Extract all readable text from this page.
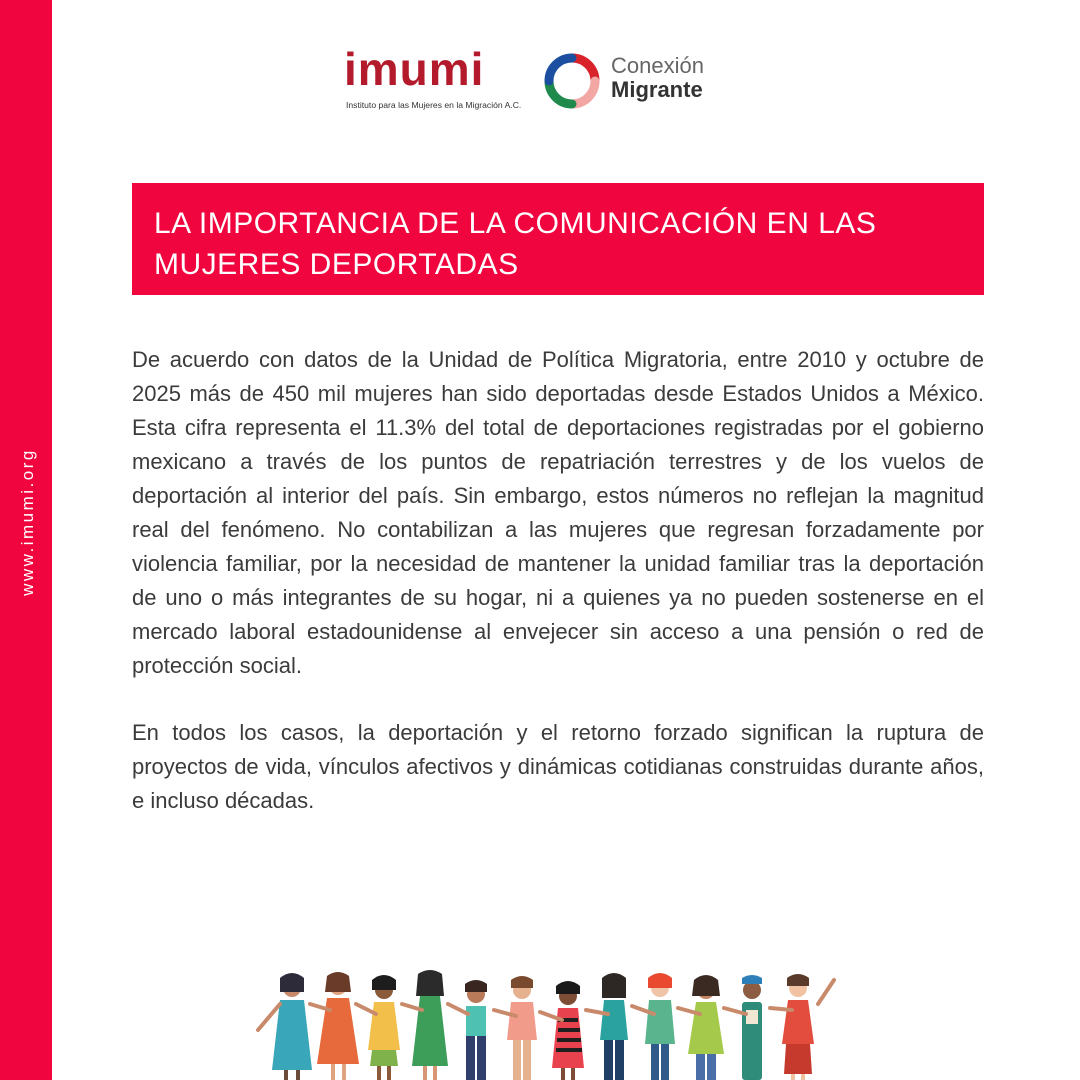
www.imumi.org
imumi
Instituto para las Mujeres en la Migración A.C.
Conexión
Migrante
LA IMPORTANCIA DE LA COMUNICACIÓN EN LAS MUJERES DEPORTADAS

De acuerdo con datos de la Unidad de Política Migratoria, entre 2010 y octubre de 2025 más de 450 mil mujeres han sido deportadas desde Estados Unidos a México. Esta cifra representa el 11.3% del total de deportaciones registradas por el gobierno mexicano a través de los puntos de repatriación terrestres y de los vuelos de deportación al interior del país. Sin embargo, estos números no reflejan la magnitud real del fenómeno. No contabilizan a las mujeres que regresan forzadamente por violencia familiar, por la necesidad de mantener la unidad familiar tras la deportación de uno o más integrantes de su hogar, ni a quienes ya no pueden sostenerse en el mercado laboral estadounidense al envejecer sin acceso a una pensión o red de protección social.

En todos los casos, la deportación y el retorno forzado significan la ruptura de proyectos de vida, vínculos afectivos y dinámicas cotidianas construidas durante años, e incluso décadas.
